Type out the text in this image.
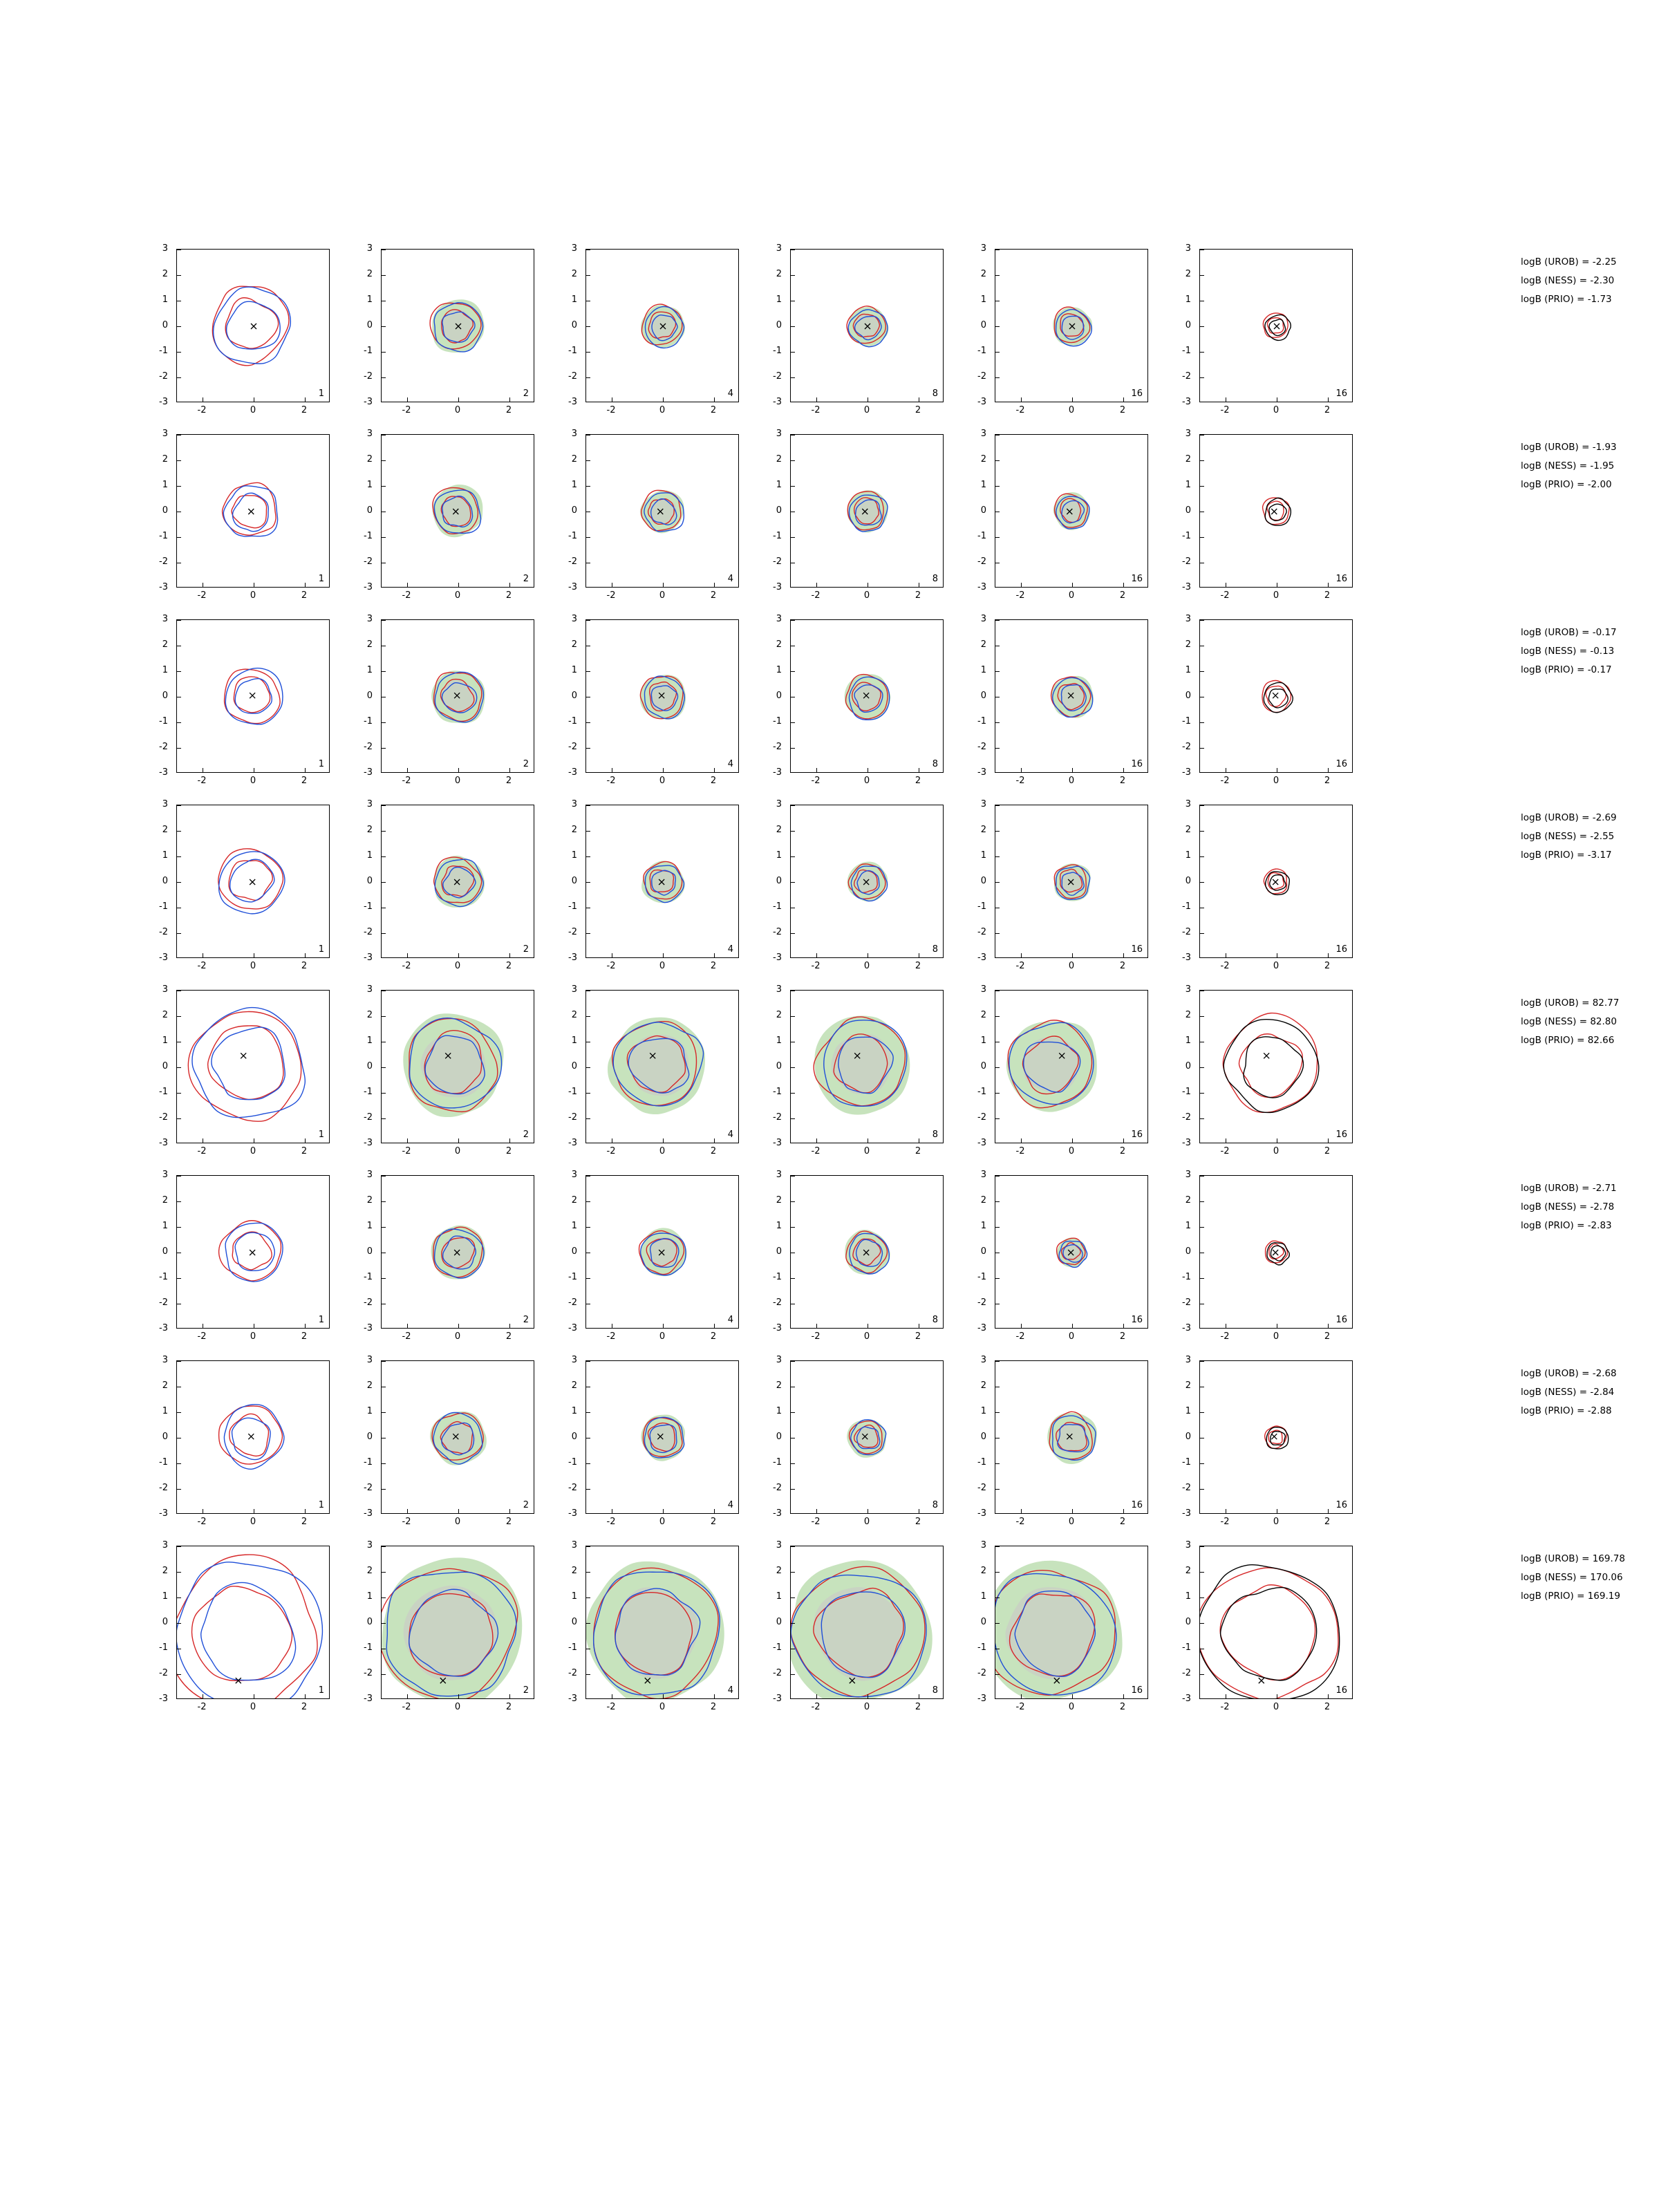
-2	0	2
-3
-2
-1
0
1
2
3
1
-2	0	2
-3
-2
-1
0
1
2
3
2
-2	0	2
-3
-2
-1
0
1
2
3
4
-2	0	2
-3
-2
-1
0
1
2
3
8
-2	0	2
-3
-2
-1
0
1
2
3
16
-2	0	2
-3
-2
-1
0
1
2
3
16
-2	0	2
-3
-2
-1
0
1
2
3
1
-2	0	2
-3
-2
-1
0
1
2
3
2
-2	0	2
-3
-2
-1
0
1
2
3
4
-2	0	2
-3
-2
-1
0
1
2
3
8
-2	0	2
-3
-2
-1
0
1
2
3
16
-2	0	2
-3
-2
-1
0
1
2
3
16
-2	0	2
-3
-2
-1
0
1
2
3
1
-2	0	2
-3
-2
-1
0
1
2
3
2
-2	0	2
-3
-2
-1
0
1
2
3
4
-2	0	2
-3
-2
-1
0
1
2
3
8
-2	0	2
-3
-2
-1
0
1
2
3
16
-2	0	2
-3
-2
-1
0
1
2
3
16
-2	0	2
-3
-2
-1
0
1
2
3
1
-2	0	2
-3
-2
-1
0
1
2
3
2
-2	0	2
-3
-2
-1
0
1
2
3
4
-2	0	2
-3
-2
-1
0
1
2
3
8
-2	0	2
-3
-2
-1
0
1
2
3
16
-2	0	2
-3
-2
-1
0
1
2
3
16
-2	0	2
-3
-2
-1
0
1
2
3
1
-2	0	2
-3
-2
-1
0
1
2
3
2
-2	0	2
-3
-2
-1
0
1
2
3
4
-2	0	2
-3
-2
-1
0
1
2
3
8
-2	0	2
-3
-2
-1
0
1
2
3
16
-2	0	2
-3
-2
-1
0
1
2
3
16
-2	0	2
-3
-2
-1
0
1
2
3
1
-2	0	2
-3
-2
-1
0
1
2
3
2
-2	0	2
-3
-2
-1
0
1
2
3
4
-2	0	2
-3
-2
-1
0
1
2
3
8
-2	0	2
-3
-2
-1
0
1
2
3
16
-2	0	2
-3
-2
-1
0
1
2
3
16
-2	0	2
-3
-2
-1
0
1
2
3
1
-2	0	2
-3
-2
-1
0
1
2
3
2
-2	0	2
-3
-2
-1
0
1
2
3
4
-2	0	2
-3
-2
-1
0
1
2
3
8
-2	0	2
-3
-2
-1
0
1
2
3
16
-2	0	2
-3
-2
-1
0
1
2
3
16
-2	0	2
-3
-2
-1
0
1
2
3
1
-2	0	2
-3
-2
-1
0
1
2
3
2
-2	0	2
-3
-2
-1
0
1
2
3
4
-2	0	2
-3
-2
-1
0
1
2
3
8
-2	0	2
-3
-2
-1
0
1
2
3
16
-2	0	2
-3
-2
-1
0
1
2
3
16
logB (UROB) = -2.25
logB (NESS) = -2.30
logB (PRIO) = -1.73
logB (UROB) = -1.93
logB (NESS) = -1.95
logB (PRIO) = -2.00
logB (UROB) = -0.17
logB (NESS) = -0.13
logB (PRIO) = -0.17
logB (UROB) = -2.69
logB (NESS) = -2.55
logB (PRIO) = -3.17
logB (UROB) = 82.77
logB (NESS) = 82.80
logB (PRIO) = 82.66
logB (UROB) = -2.71
logB (NESS) = -2.78
logB (PRIO) = -2.83
logB (UROB) = -2.68
logB (NESS) = -2.84
logB (PRIO) = -2.88
logB (UROB) = 169.78
logB (NESS) = 170.06
logB (PRIO) = 169.19
